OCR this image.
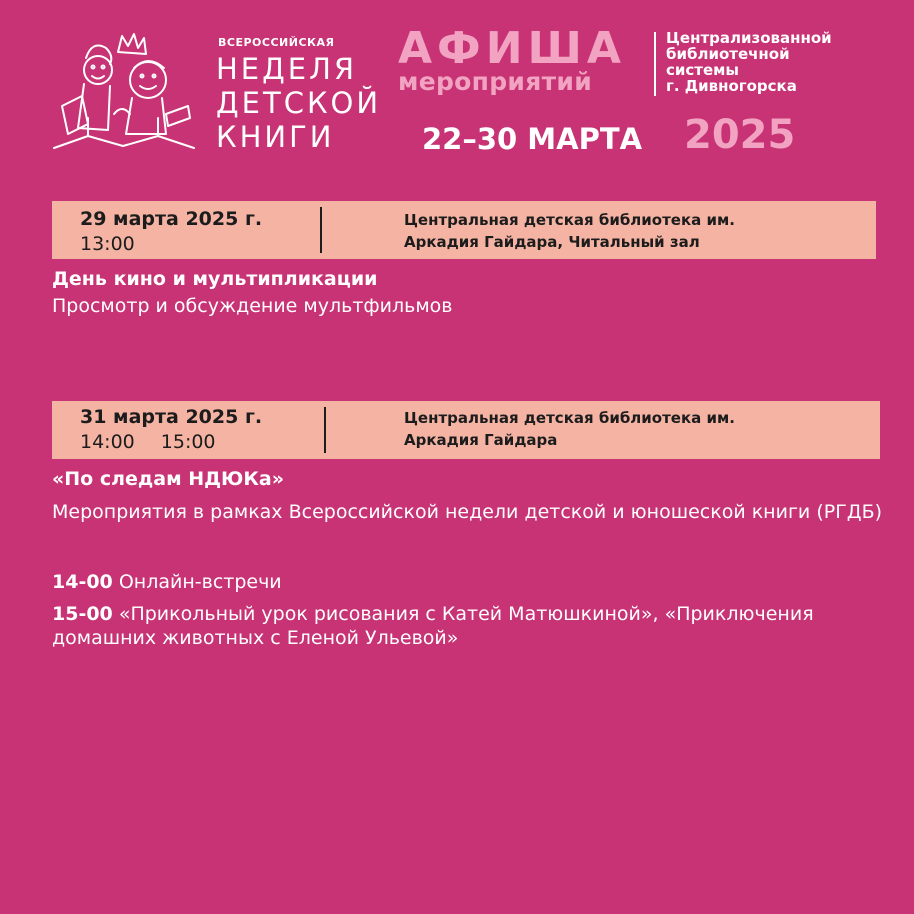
ВСЕРОССИЙСКАЯ
НЕДЕЛЯ
ДЕТСКОЙ
КНИГИ
АФИША
мероприятий
Централизованной
библиотечной
системы
г. Дивногорска
22–30 МАРТА 2025
29 марта 2025 г.
13:00
Центральная детская библиотека им.
Аркадия Гайдара, Читальный зал
День кино и мультипликации
Просмотр и обсуждение мультфильмов
31 марта 2025 г.
14:00 15:00
Центральная детская библиотека им.
Аркадия Гайдара
«По следам НДЮКа»
Мероприятия в рамках Всероссийской недели детской и юношеской книги (РГДБ)
14-00 Онлайн-встречи
15-00 «Прикольный урок рисования с Катей Матюшкиной», «Приключения домашних животных с Еленой Ульевой»
